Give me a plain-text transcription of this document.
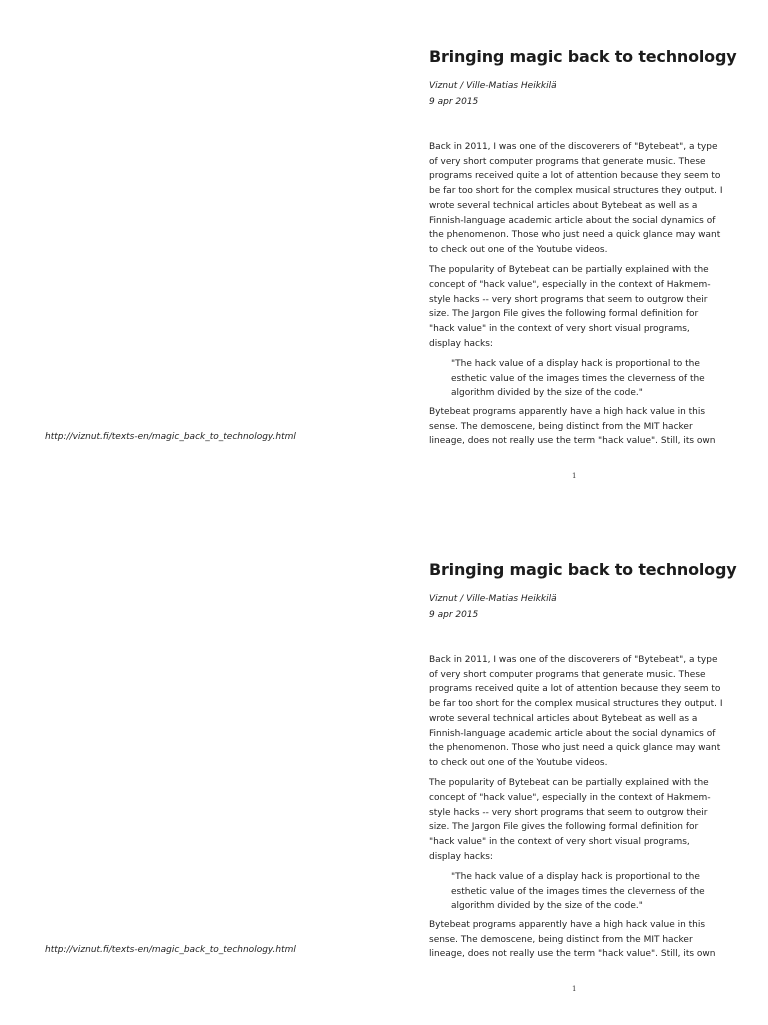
Bringing magic back to technology

Viznut / Ville-Matias Heikkilä

9 apr 2015

Back in 2011, I was one of the discoverers of "Bytebeat", a type of very short computer programs that generate music. These programs received quite a lot of attention because they seem to be far too short for the complex musical structures they output. I wrote several technical articles about Bytebeat as well as a Finnish-language academic article about the social dynamics of the phenomenon. Those who just need a quick glance may want to check out one of the Youtube videos.

The popularity of Bytebeat can be partially explained with the concept of "hack value", especially in the context of Hakmem-style hacks -- very short programs that seem to outgrow their size. The Jargon File gives the following formal definition for "hack value" in the context of very short visual programs, display hacks:

"The hack value of a display hack is proportional to the esthetic value of the images times the cleverness of the algorithm divided by the size of the code."

Bytebeat programs apparently have a high hack value in this sense. The demoscene, being distinct from the MIT hacker lineage, does not really use the term "hack value". Still, its own

http://viznut.fi/texts-en/magic_back_to_technology.html

1

Bringing magic back to technology

Viznut / Ville-Matias Heikkilä

9 apr 2015

Back in 2011, I was one of the discoverers of "Bytebeat", a type of very short computer programs that generate music. These programs received quite a lot of attention because they seem to be far too short for the complex musical structures they output. I wrote several technical articles about Bytebeat as well as a Finnish-language academic article about the social dynamics of the phenomenon. Those who just need a quick glance may want to check out one of the Youtube videos.

The popularity of Bytebeat can be partially explained with the concept of "hack value", especially in the context of Hakmem-style hacks -- very short programs that seem to outgrow their size. The Jargon File gives the following formal definition for "hack value" in the context of very short visual programs, display hacks:

"The hack value of a display hack is proportional to the esthetic value of the images times the cleverness of the algorithm divided by the size of the code."

Bytebeat programs apparently have a high hack value in this sense. The demoscene, being distinct from the MIT hacker lineage, does not really use the term "hack value". Still, its own

http://viznut.fi/texts-en/magic_back_to_technology.html

1
